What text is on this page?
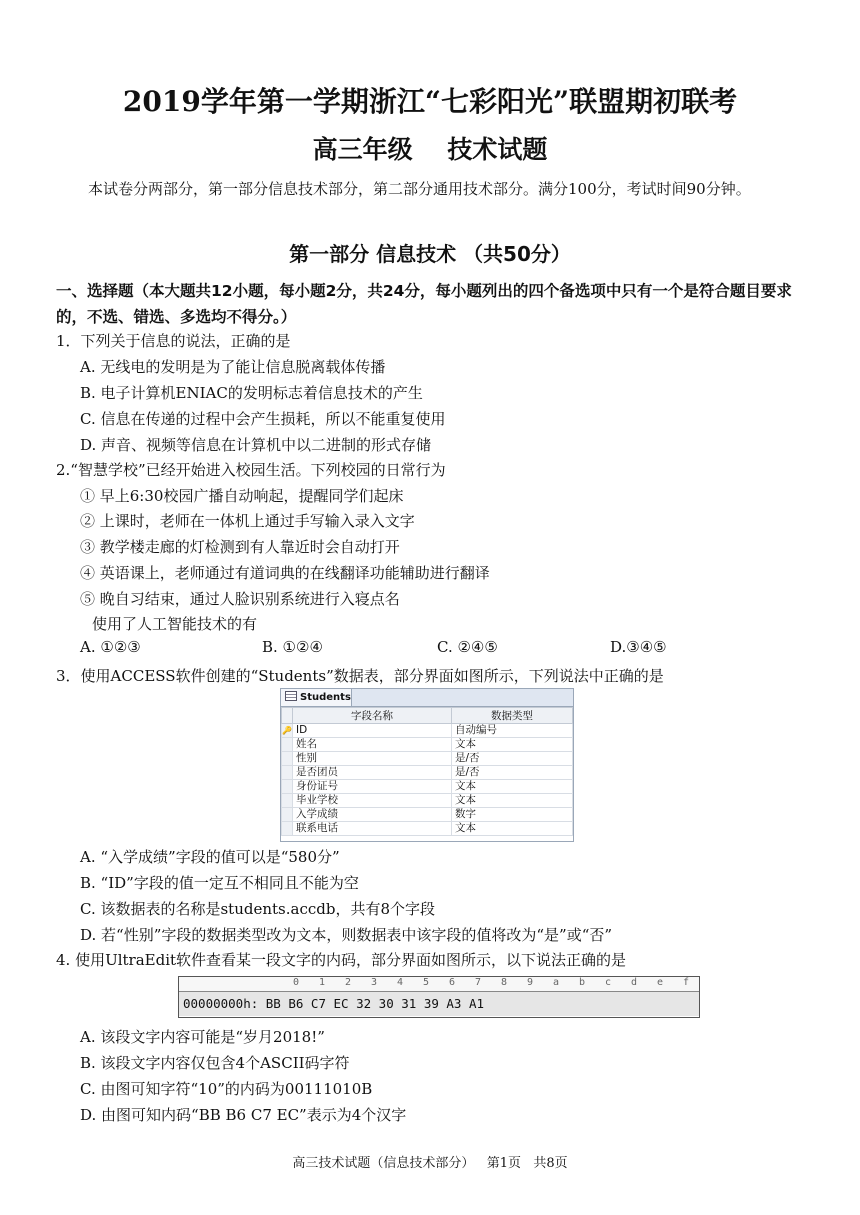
2019学年第一学期浙江“七彩阳光”联盟期初联考
高三年级    技术试题
本试卷分两部分，第一部分信息技术部分，第二部分通用技术部分。满分100分，考试时间90分钟。
第一部分 信息技术 （共50分）
一、选择题（本大题共12小题，每小题2分，共24分，每小题列出的四个备选项中只有一个是符合题目要求的，不选、错选、多选均不得分。）
1．下列关于信息的说法，正确的是
A. 无线电的发明是为了能让信息脱离载体传播
B. 电子计算机ENIAC的发明标志着信息技术的产生
C. 信息在传递的过程中会产生损耗，所以不能重复使用
D. 声音、视频等信息在计算机中以二进制的形式存储
2.“智慧学校”已经开始进入校园生活。下列校园的日常行为
① 早上6:30校园广播自动响起，提醒同学们起床
② 上课时，老师在一体机上通过手写输入录入文字
③ 教学楼走廊的灯检测到有人靠近时会自动打开
④ 英语课上，老师通过有道词典的在线翻译功能辅助进行翻译
⑤ 晚自习结束，通过人脸识别系统进行入寝点名
使用了人工智能技术的有
A. ①②③	B. ①②④	C. ②④⑤	D.③④⑤
3．使用ACCESS软件创建的“Students”数据表，部分界面如图所示，下列说法中正确的是
Students
	字段名称	数据类型
🔑	ID	自动编号
	姓名	文本
	性别	是/否
	是否团员	是/否
	身份证号	文本
	毕业学校	文本
	入学成绩	数字
	联系电话	文本
A. “入学成绩”字段的值可以是“580分”
B. “ID”字段的值一定互不相同且不能为空
C. 该数据表的名称是students.accdb，共有8个字段
D. 若“性别”字段的数据类型改为文本，则数据表中该字段的值将改为“是”或“否”
4. 使用UltraEdit软件查看某一段文字的内码，部分界面如图所示，以下说法正确的是
0	1	2	3	4	5	6	7	8	9	a	b	c	d	e	f
00000000h: BB B6 C7 EC 32 30 31 39 A3 A1
A. 该段文字内容可能是“岁月2018!”
B. 该段文字内容仅包含4个ASCII码字符
C. 由图可知字符“10”的内码为00111010B
D. 由图可知内码“BB B6 C7 EC”表示为4个汉字
高三技术试题（信息技术部分）   第1页   共8页
